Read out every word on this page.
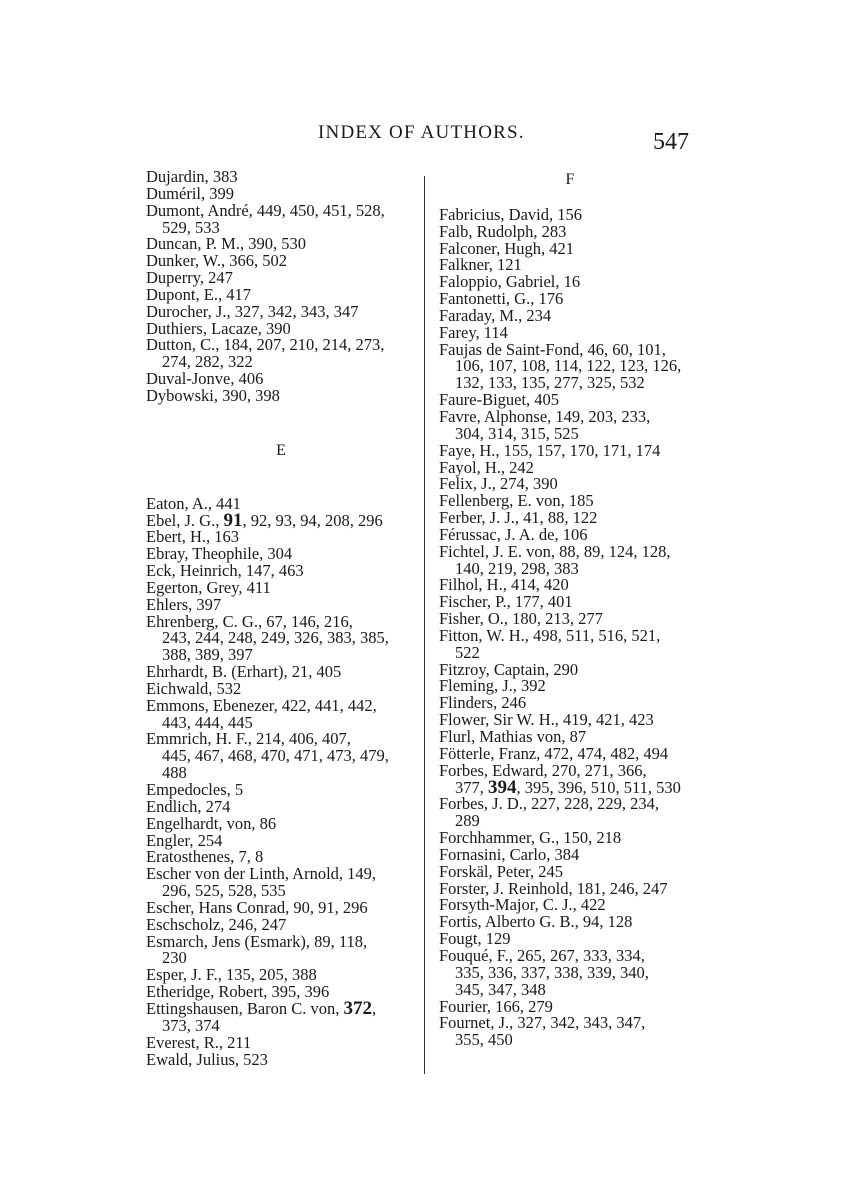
INDEX OF AUTHORS.	547
Dujardin, 383
Duméril, 399
Dumont, André, 449, 450, 451, 528,
529, 533
Duncan, P. M., 390, 530
Dunker, W., 366, 502
Duperry, 247
Dupont, E., 417
Durocher, J., 327, 342, 343, 347
Duthiers, Lacaze, 390
Dutton, C., 184, 207, 210, 214, 273,
274, 282, 322
Duval-Jonve, 406
Dybowski, 390, 398
E
Eaton, A., 441
Ebel, J. G., 91, 92, 93, 94, 208, 296
Ebert, H., 163
Ebray, Theophile, 304
Eck, Heinrich, 147, 463
Egerton, Grey, 411
Ehlers, 397
Ehrenberg, C. G., 67, 146, 216,
243, 244, 248, 249, 326, 383, 385,
388, 389, 397
Ehrhardt, B. (Erhart), 21, 405
Eichwald, 532
Emmons, Ebenezer, 422, 441, 442,
443, 444, 445
Emmrich, H. F., 214, 406, 407,
445, 467, 468, 470, 471, 473, 479,
488
Empedocles, 5
Endlich, 274
Engelhardt, von, 86
Engler, 254
Eratosthenes, 7, 8
Escher von der Linth, Arnold, 149,
296, 525, 528, 535
Escher, Hans Conrad, 90, 91, 296
Eschscholz, 246, 247
Esmarch, Jens (Esmark), 89, 118,
230
Esper, J. F., 135, 205, 388
Etheridge, Robert, 395, 396
Ettingshausen, Baron C. von, 372,
373, 374
Everest, R., 211
Ewald, Julius, 523
F
Fabricius, David, 156
Falb, Rudolph, 283
Falconer, Hugh, 421
Falkner, 121
Faloppio, Gabriel, 16
Fantonetti, G., 176
Faraday, M., 234
Farey, 114
Faujas de Saint-Fond, 46, 60, 101,
106, 107, 108, 114, 122, 123, 126,
132, 133, 135, 277, 325, 532
Faure-Biguet, 405
Favre, Alphonse, 149, 203, 233,
304, 314, 315, 525
Faye, H., 155, 157, 170, 171, 174
Fayol, H., 242
Felix, J., 274, 390
Fellenberg, E. von, 185
Ferber, J. J., 41, 88, 122
Férussac, J. A. de, 106
Fichtel, J. E. von, 88, 89, 124, 128,
140, 219, 298, 383
Filhol, H., 414, 420
Fischer, P., 177, 401
Fisher, O., 180, 213, 277
Fitton, W. H., 498, 511, 516, 521,
522
Fitzroy, Captain, 290
Fleming, J., 392
Flinders, 246
Flower, Sir W. H., 419, 421, 423
Flurl, Mathias von, 87
Fötterle, Franz, 472, 474, 482, 494
Forbes, Edward, 270, 271, 366,
377, 394, 395, 396, 510, 511, 530
Forbes, J. D., 227, 228, 229, 234,
289
Forchhammer, G., 150, 218
Fornasini, Carlo, 384
Forskäl, Peter, 245
Forster, J. Reinhold, 181, 246, 247
Forsyth-Major, C. J., 422
Fortis, Alberto G. B., 94, 128
Fougt, 129
Fouqué, F., 265, 267, 333, 334,
335, 336, 337, 338, 339, 340,
345, 347, 348
Fourier, 166, 279
Fournet, J., 327, 342, 343, 347,
355, 450
